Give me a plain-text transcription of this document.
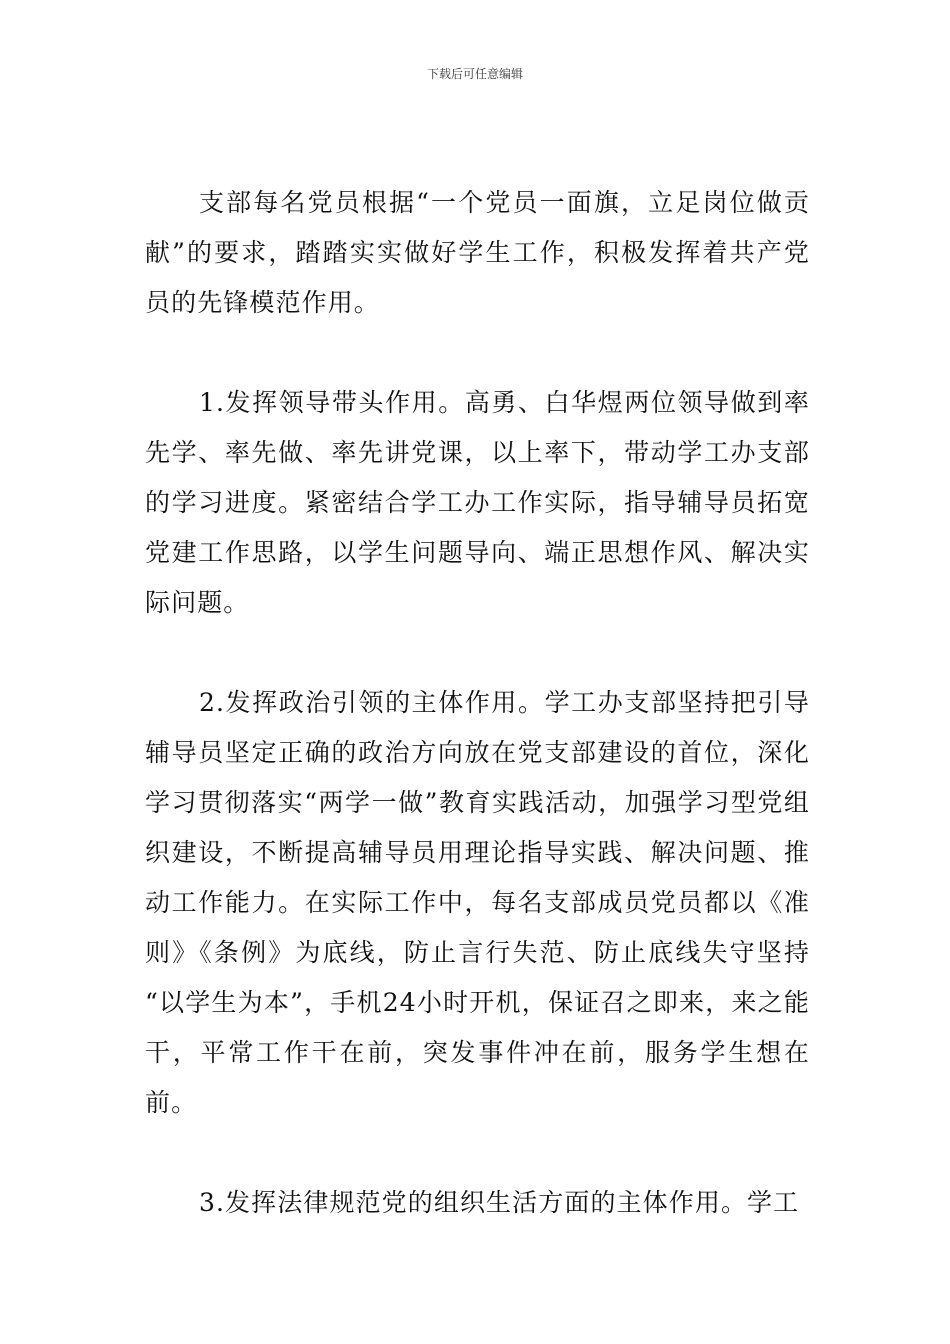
下载后可任意编辑

支部每名党员根据“一个党员一面旗，立足岗位做贡献”的要求，踏踏实实做好学生工作，积极发挥着共产党员的先锋模范作用。

1.发挥领导带头作用。高勇、白华煜两位领导做到率先学、率先做、率先讲党课，以上率下，带动学工办支部的学习进度。紧密结合学工办工作实际，指导辅导员拓宽党建工作思路，以学生问题导向、端正思想作风、解决实际问题。

2.发挥政治引领的主体作用。学工办支部坚持把引导辅导员坚定正确的政治方向放在党支部建设的首位，深化学习贯彻落实“两学一做”教育实践活动，加强学习型党组织建设，不断提高辅导员用理论指导实践、解决问题、推动工作能力。在实际工作中，每名支部成员党员都以《准则》《条例》为底线，防止言行失范、防止底线失守坚持 “以学生为本”，手机24小时开机，保证召之即来，来之能干，平常工作干在前，突发事件冲在前，服务学生想在前。

3.发挥法律规范党的组织生活方面的主体作用。学工
